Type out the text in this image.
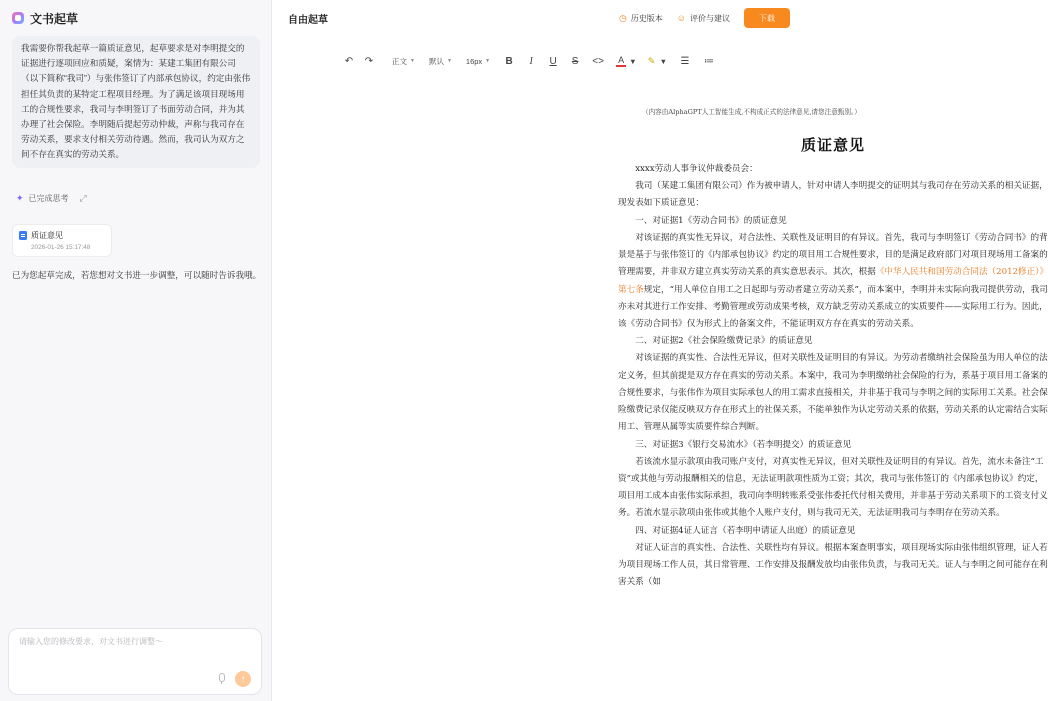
文书起草
我需要你帮我起草一篇质证意见，起草要求是对李明提交的证据进行逐项回应和质疑，案情为：某建工集团有限公司（以下简称“我司”）与张伟签订了内部承包协议，约定由张伟担任其负责的某特定工程项目经理。为了满足该项目现场用工的合规性要求，我司与李明签订了书面劳动合同，并为其办理了社会保险。李明随后提起劳动仲裁，声称与我司存在劳动关系，要求支付相关劳动待遇。然而，我司认为双方之间不存在真实的劳动关系。
✦ 已完成思考 ⤢
质证意见
2026-01-26 15:17:48
已为您起草完成，若您想对文书进一步调整，可以随时告诉我哦。
请输入您的修改要求，对文书进行调整～
↑
自由起草	◷ 历史版本 ☺ 评价与建议	下载
↶ ↷	正文 ▼ 默认 ▼ 16px ▼ B	I	U S <> A ▼ ✎ ▼ ☰ ≔
（内容由AlphaGPT人工智能生成,不构成正式的法律意见,请您注意甄别。）
质证意见

xxxx劳动人事争议仲裁委员会：

我司（某建工集团有限公司）作为被申请人，针对申请人李明提交的证明其与我司存在劳动关系的相关证据，现发表如下质证意见：

一、对证据1《劳动合同书》的质证意见

对该证据的真实性无异议，对合法性、关联性及证明目的有异议。首先，我司与李明签订《劳动合同书》的背景是基于与张伟签订的《内部承包协议》约定的项目用工合规性要求，目的是满足政府部门对项目现场用工备案的管理需要，并非双方建立真实劳动关系的真实意思表示。其次，根据《中华人民共和国劳动合同法（2012修正）》第七条规定，“用人单位自用工之日起即与劳动者建立劳动关系”，而本案中，李明并未实际向我司提供劳动，我司亦未对其进行工作安排、考勤管理或劳动成果考核，双方缺乏劳动关系成立的实质要件——实际用工行为。因此，该《劳动合同书》仅为形式上的备案文件，不能证明双方存在真实的劳动关系。

二、对证据2《社会保险缴费记录》的质证意见

对该证据的真实性、合法性无异议，但对关联性及证明目的有异议。为劳动者缴纳社会保险虽为用人单位的法定义务，但其前提是双方存在真实的劳动关系。本案中，我司为李明缴纳社会保险的行为，系基于项目用工备案的合规性要求，与张伟作为项目实际承包人的用工需求直接相关，并非基于我司与李明之间的实际用工关系。社会保险缴费记录仅能反映双方存在形式上的社保关系，不能单独作为认定劳动关系的依据，劳动关系的认定需结合实际用工、管理从属等实质要件综合判断。

三、对证据3《银行交易流水》（若李明提交）的质证意见

若该流水显示款项由我司账户支付，对真实性无异议，但对关联性及证明目的有异议。首先，流水未备注“工资”或其他与劳动报酬相关的信息，无法证明款项性质为工资；其次，我司与张伟签订的《内部承包协议》约定，项目用工成本由张伟实际承担，我司向李明转账系受张伟委托代付相关费用，并非基于劳动关系项下的工资支付义务。若流水显示款项由张伟或其他个人账户支付，则与我司无关，无法证明我司与李明存在劳动关系。

四、对证据4证人证言（若李明申请证人出庭）的质证意见

对证人证言的真实性、合法性、关联性均有异议。根据本案查明事实，项目现场实际由张伟组织管理，证人若为项目现场工作人员，其日常管理、工作安排及报酬发放均由张伟负责，与我司无关。证人与李明之间可能存在利害关系（如
